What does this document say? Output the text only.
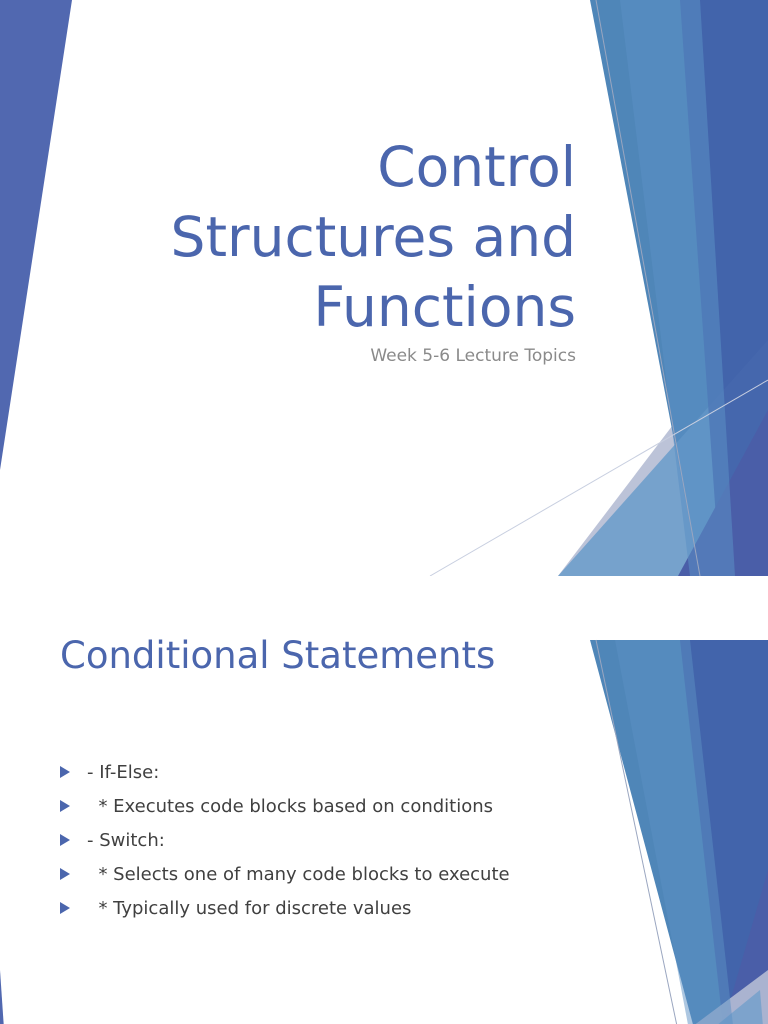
Control
Structures and
Functions
Week 5-6 Lecture Topics
Conditional Statements

- If-Else:

* Executes code blocks based on conditions

- Switch:

* Selects one of many code blocks to execute

* Typically used for discrete values
